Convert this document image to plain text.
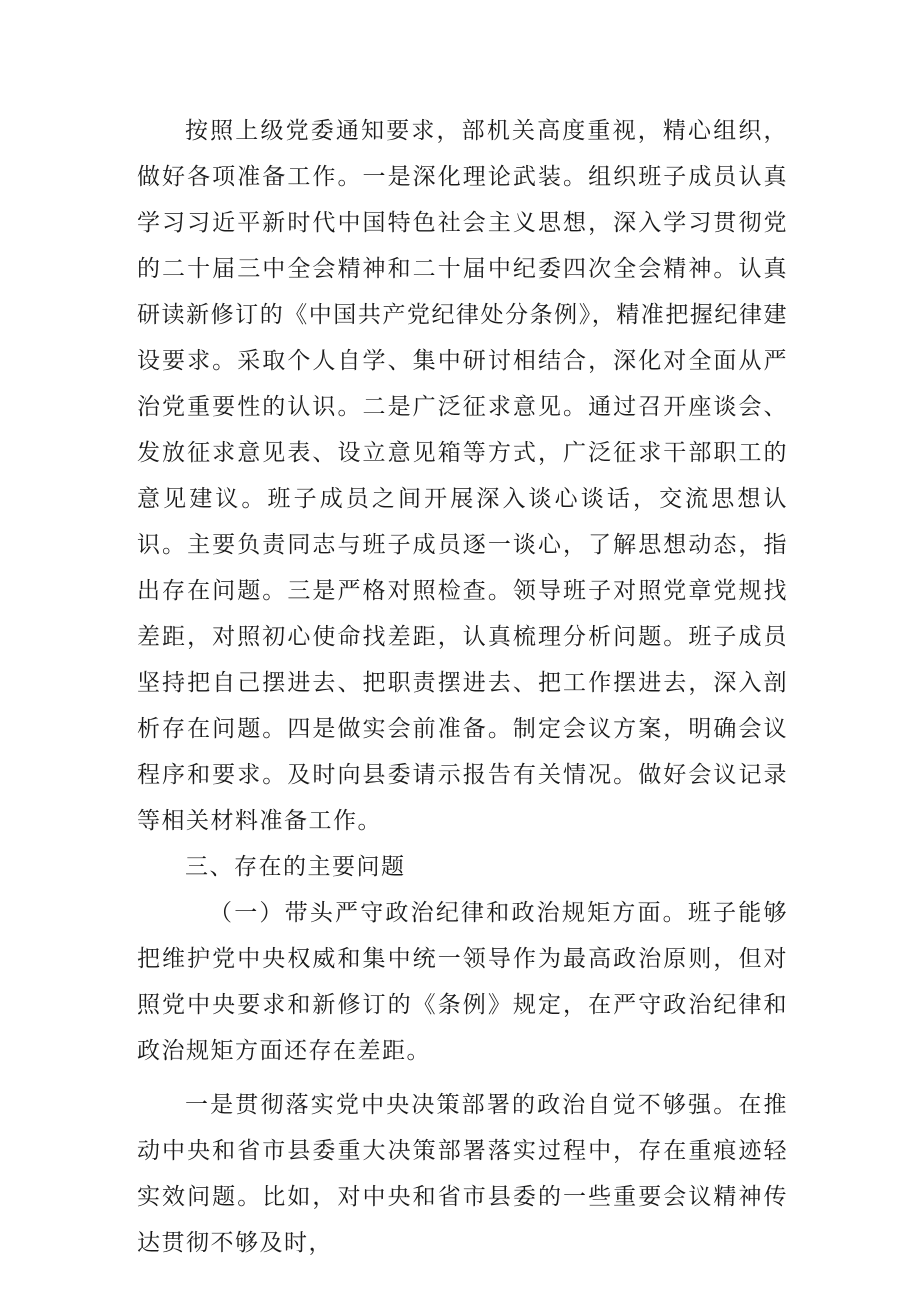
按照上级党委通知要求，部机关高度重视，精心组织，做好各项准备工作。一是深化理论武装。组织班子成员认真学习习近平新时代中国特色社会主义思想，深入学习贯彻党的二十届三中全会精神和二十届中纪委四次全会精神。认真研读新修订的《中国共产党纪律处分条例》，精准把握纪律建设要求。采取个人自学、集中研讨相结合，深化对全面从严治党重要性的认识。二是广泛征求意见。通过召开座谈会、发放征求意见表、设立意见箱等方式，广泛征求干部职工的意见建议。班子成员之间开展深入谈心谈话，交流思想认识。主要负责同志与班子成员逐一谈心，了解思想动态，指出存在问题。三是严格对照检查。领导班子对照党章党规找差距，对照初心使命找差距，认真梳理分析问题。班子成员坚持把自己摆进去、把职责摆进去、把工作摆进去，深入剖析存在问题。四是做实会前准备。制定会议方案，明确会议程序和要求。及时向县委请示报告有关情况。做好会议记录等相关材料准备工作。

三、存在的主要问题

（一）带头严守政治纪律和政治规矩方面。班子能够把维护党中央权威和集中统一领导作为最高政治原则，但对照党中央要求和新修订的《条例》规定，在严守政治纪律和政治规矩方面还存在差距。

一是贯彻落实党中央决策部署的政治自觉不够强。在推动中央和省市县委重大决策部署落实过程中，存在重痕迹轻实效问题。比如，对中央和省市县委的一些重要会议精神传达贯彻不够及时，
